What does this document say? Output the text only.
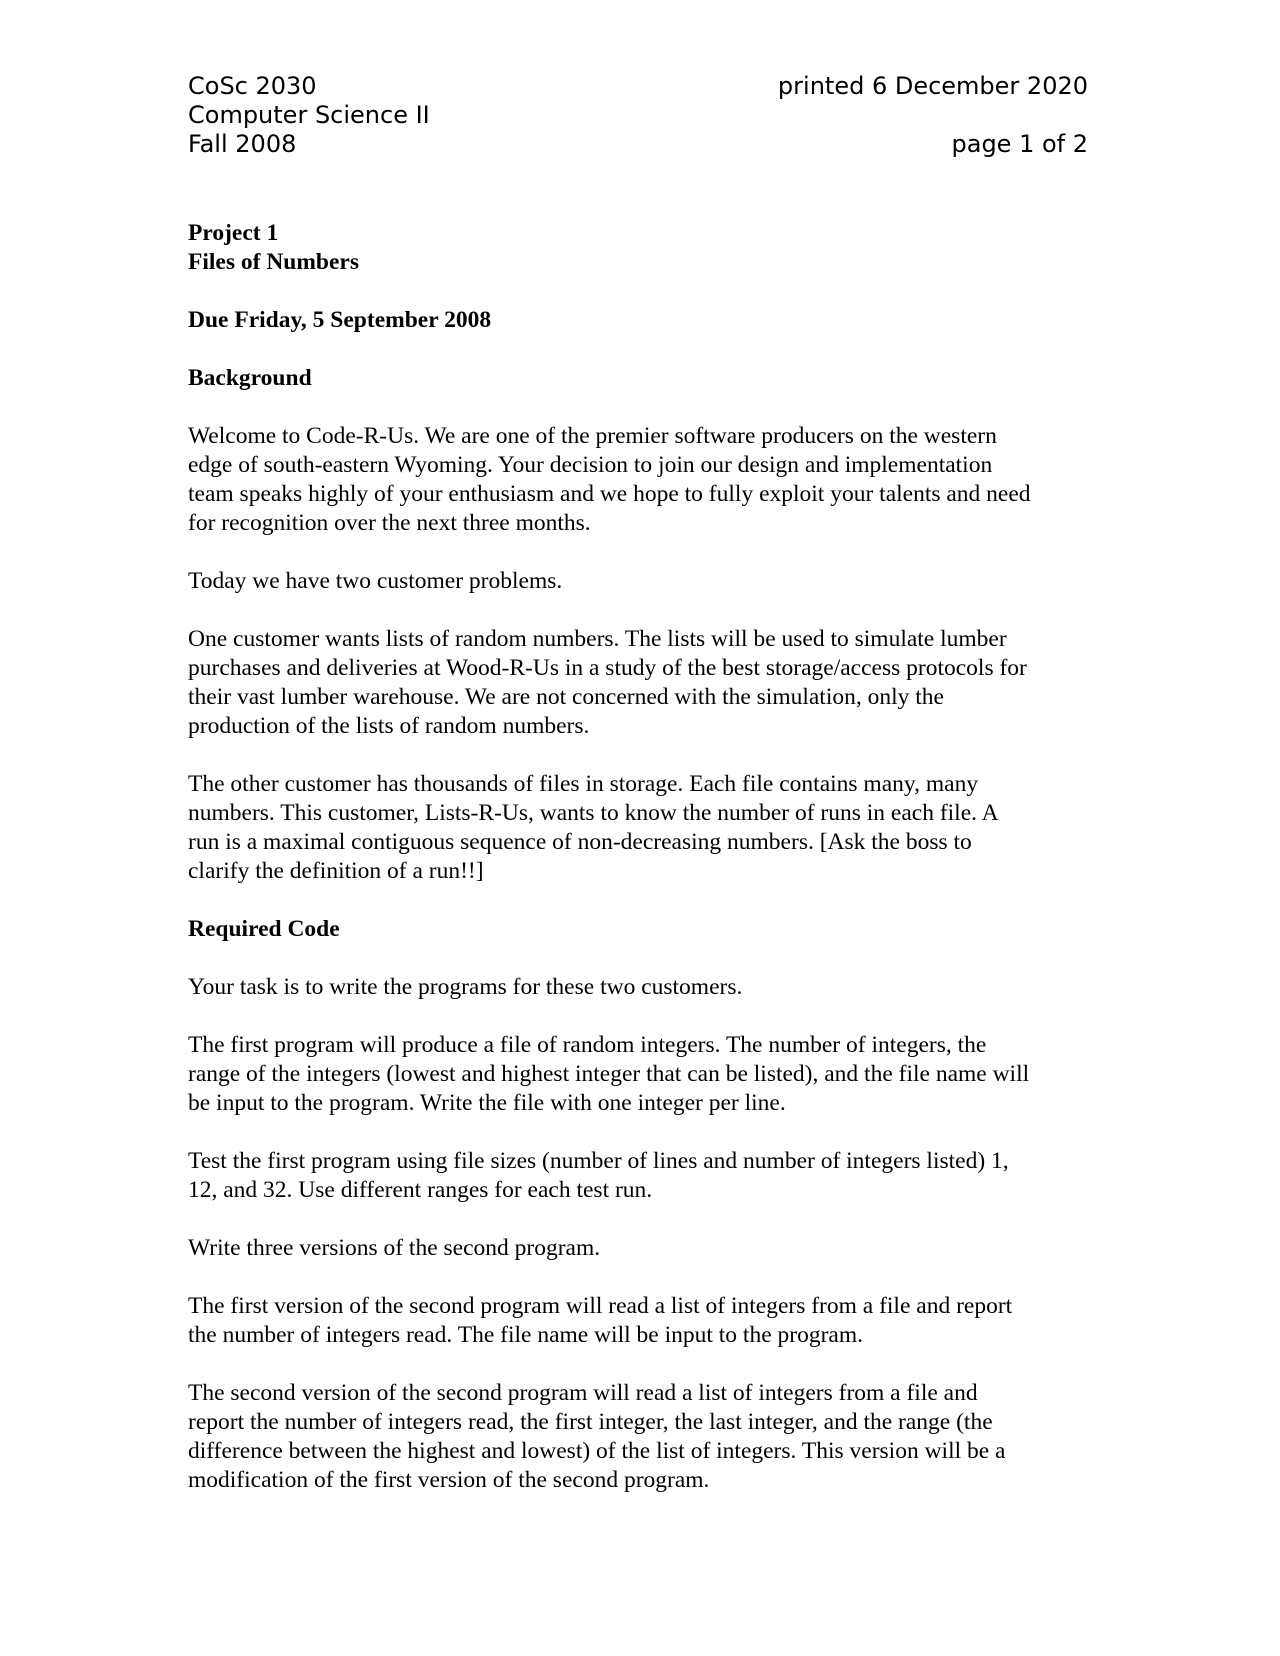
CoSc 2030	printed 6 December 2020
Computer Science II
Fall 2008	page 1 of 2

Project 1
Files of Numbers

Due Friday, 5 September 2008

Background

Welcome to Code-R-Us. We are one of the premier software producers on the western
edge of south-eastern Wyoming. Your decision to join our design and implementation
team speaks highly of your enthusiasm and we hope to fully exploit your talents and need
for recognition over the next three months.

Today we have two customer problems.

One customer wants lists of random numbers. The lists will be used to simulate lumber
purchases and deliveries at Wood-R-Us in a study of the best storage/access protocols for
their vast lumber warehouse. We are not concerned with the simulation, only the
production of the lists of random numbers.

The other customer has thousands of files in storage. Each file contains many, many
numbers. This customer, Lists-R-Us, wants to know the number of runs in each file. A
run is a maximal contiguous sequence of non-decreasing numbers. [Ask the boss to
clarify the definition of a run!!]

Required Code

Your task is to write the programs for these two customers.

The first program will produce a file of random integers. The number of integers, the
range of the integers (lowest and highest integer that can be listed), and the file name will
be input to the program. Write the file with one integer per line.

Test the first program using file sizes (number of lines and number of integers listed) 1,
12, and 32. Use different ranges for each test run.

Write three versions of the second program.

The first version of the second program will read a list of integers from a file and report
the number of integers read. The file name will be input to the program.

The second version of the second program will read a list of integers from a file and
report the number of integers read, the first integer, the last integer, and the range (the
difference between the highest and lowest) of the list of integers. This version will be a
modification of the first version of the second program.
